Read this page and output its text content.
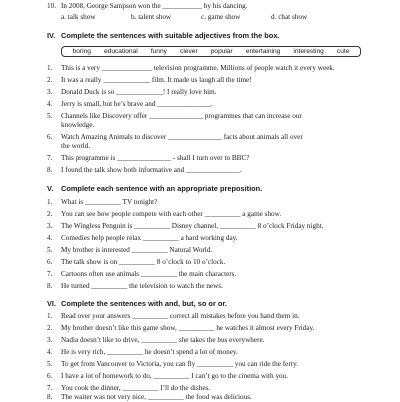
10. In 2008, George Sampson won the ___________ by his dancing.
a. talk show	b. talent show	c. game show	d. chat show
IV. Complete the sentences with suitable adjectives from the box.
boring educational funny clever popular entertaining interesting cute
1. This is a very ______________ television programme. Millions of people watch it every week.
2. It was a really _____________ film. It made us laugh all the time!
3. Donald Duck is so _____________! I really love him.
4. Jerry is small, but he’s brave and _______________.
5. Channels like Discovery offer _______________ programmes that can increase our
knowledge.
6. Watch Amazing Animals to discover _______________ facts about animals all over
the world.
7. This programme is _______________ - shall I turn over to BBC?
8. I found the talk show both informative and _______________.
V. Complete each sentence with an appropriate preposition.
1. What is __________ TV tonight?
2. You can see how people compete with each other __________ a game show.
3. The Wingless Penguin is __________ Disney channel, __________ 8 o’clock Friday night.
4. Comedies help people relax __________ a hard working day.
5. My brother is interested __________ Natural World.
6. The talk show is on __________ 8 o’clock to 10 o’clock.
7. Cartoons often use animals __________ the main characters.
8. He turned __________ the television to watch the news.
VI. Complete the sentences with and, but, so or or.
1. Read over your answers __________ correct all mistakes before you hand them in.
2. My brother doesn’t like this game show, __________ he watches it almost every Friday.
3. Nadia doesn’t like to drive, __________ she takes the bus everywhere.
4. He is very rich, __________ he doesn’t spend a lot of money.
5. To get from Vancouver to Victoria, you can fly __________ you can ride the ferry.
6. I have a lot of homework to do, __________ I can’t go to the cinema with you.
7. You cook the dinner, __________ I’ll do the dishes.
8. The waiter was not very nice, __________ the food was delicious.
